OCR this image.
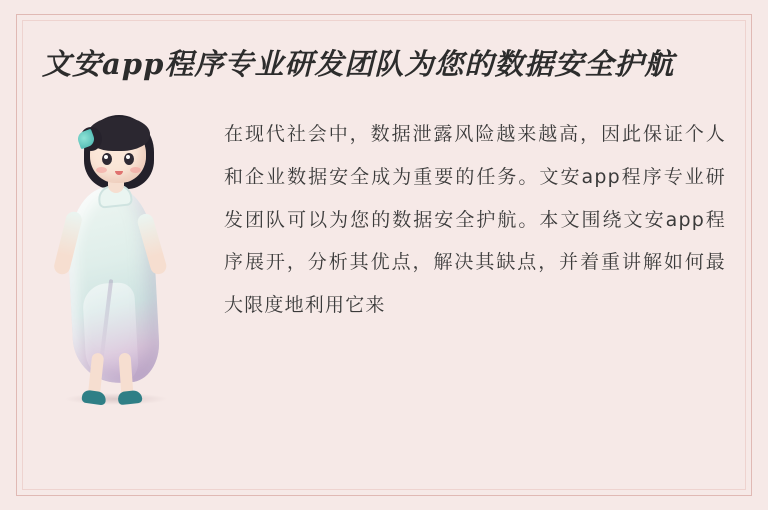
文安app程序专业研发团队为您的数据安全护航

在现代社会中，数据泄露风险越来越高，因此保证个人和企业数据安全成为重要的任务。文安app程序专业研发团队可以为您的数据安全护航。本文围绕文安app程序展开，分析其优点，解决其缺点，并着重讲解如何最大限度地利用它来
